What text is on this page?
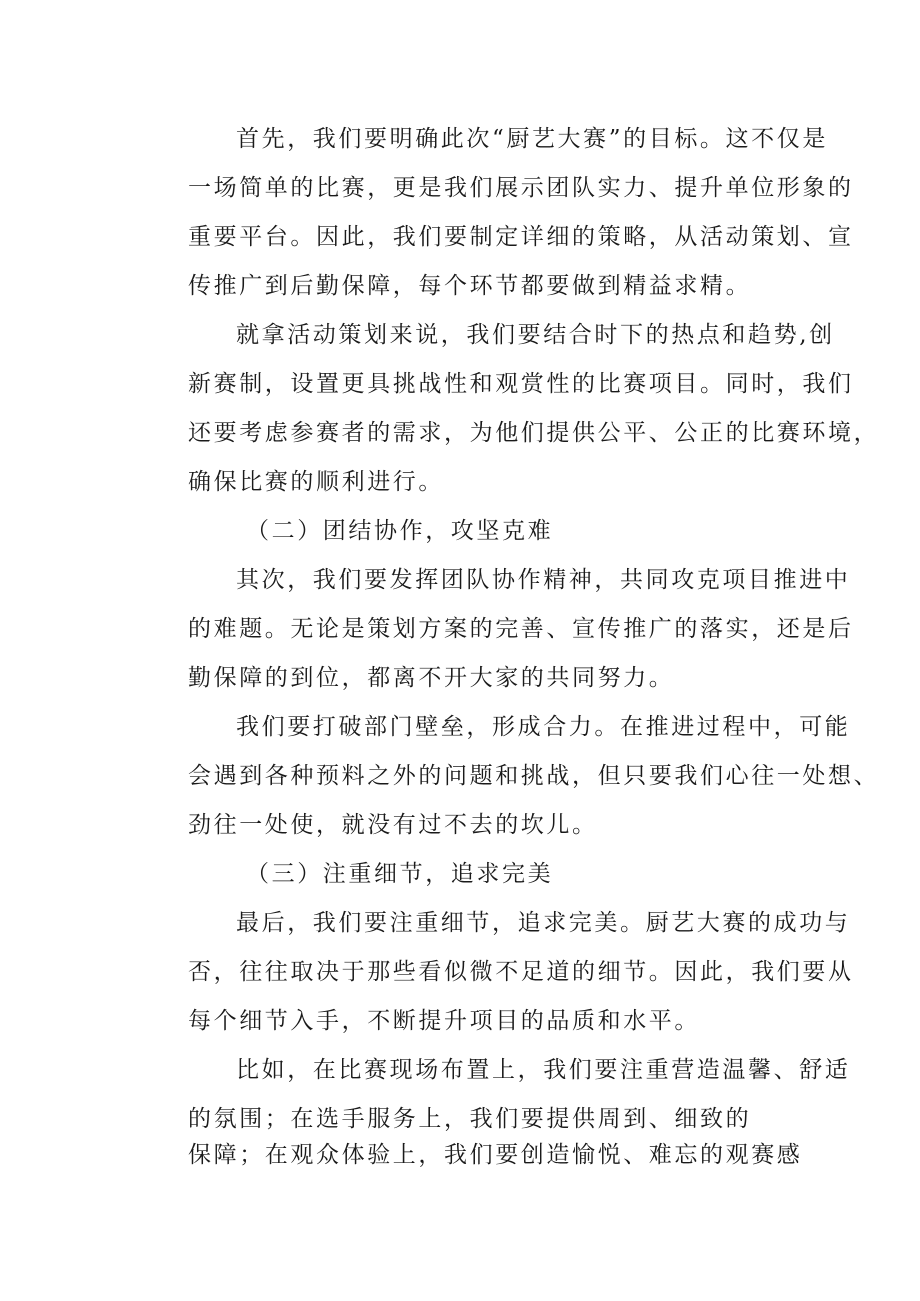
首先，我们要明确此次“厨艺大赛”的目标。这不仅是
一场简单的比赛，更是我们展示团队实力、提升单位形象的
重要平台。因此，我们要制定详细的策略，从活动策划、宣
传推广到后勤保障，每个环节都要做到精益求精。
就拿活动策划来说，我们要结合时下的热点和趋势,创
新赛制，设置更具挑战性和观赏性的比赛项目。同时，我们
还要考虑参赛者的需求，为他们提供公平、公正的比赛环境，
确保比赛的顺利进行。
（二）团结协作，攻坚克难
其次，我们要发挥团队协作精神，共同攻克项目推进中
的难题。无论是策划方案的完善、宣传推广的落实，还是后
勤保障的到位，都离不开大家的共同努力。
我们要打破部门壁垒，形成合力。在推进过程中，可能
会遇到各种预料之外的问题和挑战，但只要我们心往一处想、
劲往一处使，就没有过不去的坎儿。
（三）注重细节，追求完美
最后，我们要注重细节，追求完美。厨艺大赛的成功与
否，往往取决于那些看似微不足道的细节。因此，我们要从
每个细节入手，不断提升项目的品质和水平。
比如，在比赛现场布置上，我们要注重营造温馨、舒适
的氛围；在选手服务上，我们要提供周到、细致的
保障；在观众体验上，我们要创造愉悦、难忘的观赛感
